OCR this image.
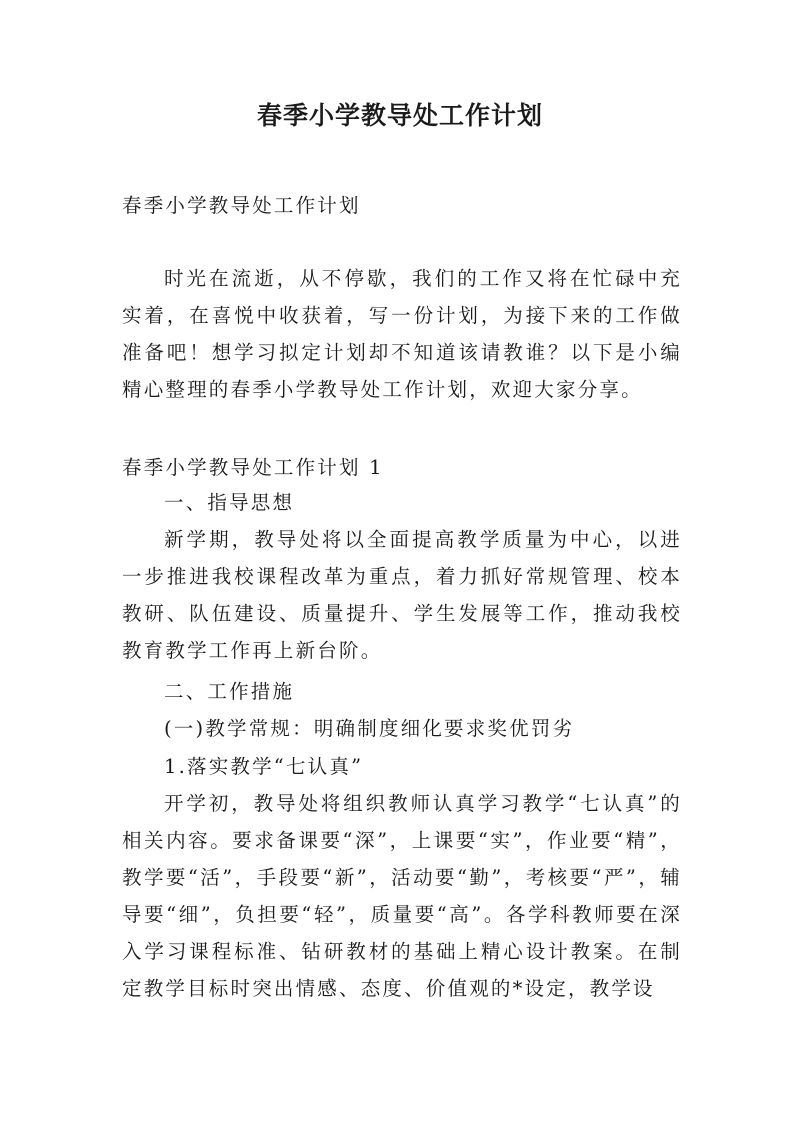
春季小学教导处工作计划

春季小学教导处工作计划

时光在流逝，从不停歇，我们的工作又将在忙碌中充实着，在喜悦中收获着，写一份计划，为接下来的工作做准备吧！想学习拟定计划却不知道该请教谁？以下是小编精心整理的春季小学教导处工作计划，欢迎大家分享。

春季小学教导处工作计划 1

一、指导思想

新学期，教导处将以全面提高教学质量为中心，以进一步推进我校课程改革为重点，着力抓好常规管理、校本教研、队伍建设、质量提升、学生发展等工作，推动我校教育教学工作再上新台阶。

二、工作措施

(一)教学常规：明确制度细化要求奖优罚劣

1.落实教学“七认真”

开学初，教导处将组织教师认真学习教学“七认真”的相关内容。要求备课要“深”，上课要“实”，作业要“精”，教学要“活”，手段要“新”，活动要“勤”，考核要“严”，辅导要“细”，负担要“轻”，质量要“高”。各学科教师要在深入学习课程标准、钻研教材的基础上精心设计教案。在制定教学目标时突出情感、态度、价值观的*设定，教学设
